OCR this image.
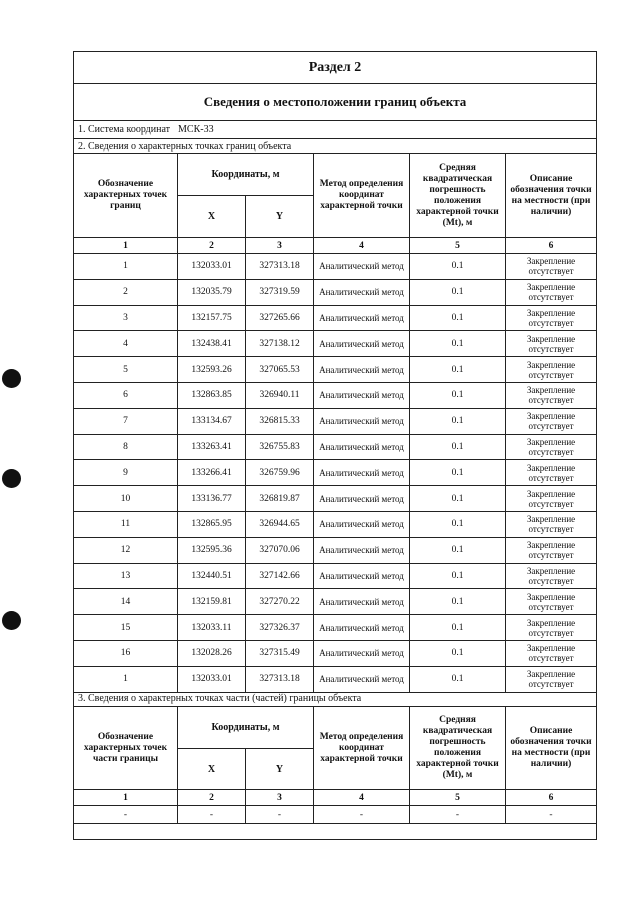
Раздел 2
Сведения о местоположении границ объекта
1. Система координат МСК-33
2. Сведения о характерных точках границ объекта
Обозначение характерных точек границ
Координаты, м
X	Y
Метод определения координат характерной точки
Средняя квадратическая погрешность положения характерной точки (Mt), м
Описание обозначения точки на местности (при наличии)
1	2	3	4	5	6
1	132033.01	327313.18 Аналитический метод	0.1	Закрепление отсутствует
2	132035.79	327319.59 Аналитический метод	0.1	Закрепление отсутствует
3	132157.75	327265.66 Аналитический метод	0.1	Закрепление отсутствует
4	132438.41	327138.12 Аналитический метод	0.1	Закрепление отсутствует
5	132593.26	327065.53 Аналитический метод	0.1	Закрепление отсутствует
6	132863.85	326940.11 Аналитический метод	0.1	Закрепление отсутствует
7	133134.67	326815.33 Аналитический метод	0.1	Закрепление отсутствует
8	133263.41	326755.83 Аналитический метод	0.1	Закрепление отсутствует
9	133266.41	326759.96 Аналитический метод	0.1	Закрепление отсутствует
10	133136.77	326819.87 Аналитический метод	0.1	Закрепление отсутствует
11	132865.95	326944.65 Аналитический метод	0.1	Закрепление отсутствует
12	132595.36	327070.06 Аналитический метод	0.1	Закрепление отсутствует
13	132440.51	327142.66 Аналитический метод	0.1	Закрепление отсутствует
14	132159.81	327270.22 Аналитический метод	0.1	Закрепление отсутствует
15	132033.11	327326.37 Аналитический метод	0.1	Закрепление отсутствует
16	132028.26	327315.49 Аналитический метод	0.1	Закрепление отсутствует
1	132033.01	327313.18 Аналитический метод	0.1	Закрепление отсутствует
3. Сведения о характерных точках части (частей) границы объекта
Обозначение характерных точек части границы
Координаты, м
X	Y
Метод определения координат характерной точки
Средняя квадратическая погрешность положения характерной точки (Mt), м
Описание обозначения точки на местности (при наличии)
1	2	3	4	5	6
-	-	-	-	-	-
